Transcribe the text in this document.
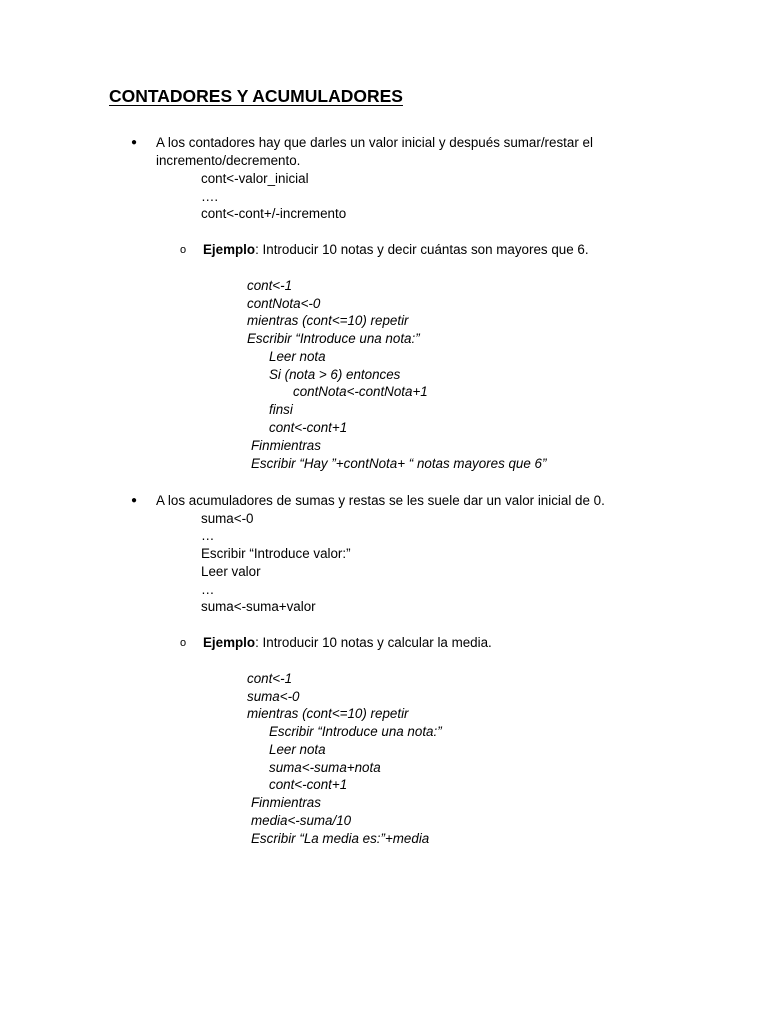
CONTADORES Y ACUMULADORES
● A los contadores hay que darles un valor inicial y después sumar/restar el
incremento/decremento.
cont<-valor_inicial
….
cont<-cont+/-incremento
o Ejemplo: Introducir 10 notas y decir cuántas son mayores que 6.
cont<-1
contNota<-0
mientras (cont<=10) repetir
Escribir “Introduce una nota:”
Leer nota
Si (nota > 6) entonces
contNota<-contNota+1
finsi
cont<-cont+1
Finmientras
Escribir “Hay ”+contNota+ “ notas mayores que 6”
● A los acumuladores de sumas y restas se les suele dar un valor inicial de 0.
suma<-0
…
Escribir “Introduce valor:”
Leer valor
…
suma<-suma+valor
o Ejemplo: Introducir 10 notas y calcular la media.
cont<-1
suma<-0
mientras (cont<=10) repetir
Escribir “Introduce una nota:”
Leer nota
suma<-suma+nota
cont<-cont+1
Finmientras
media<-suma/10
Escribir “La media es:”+media
